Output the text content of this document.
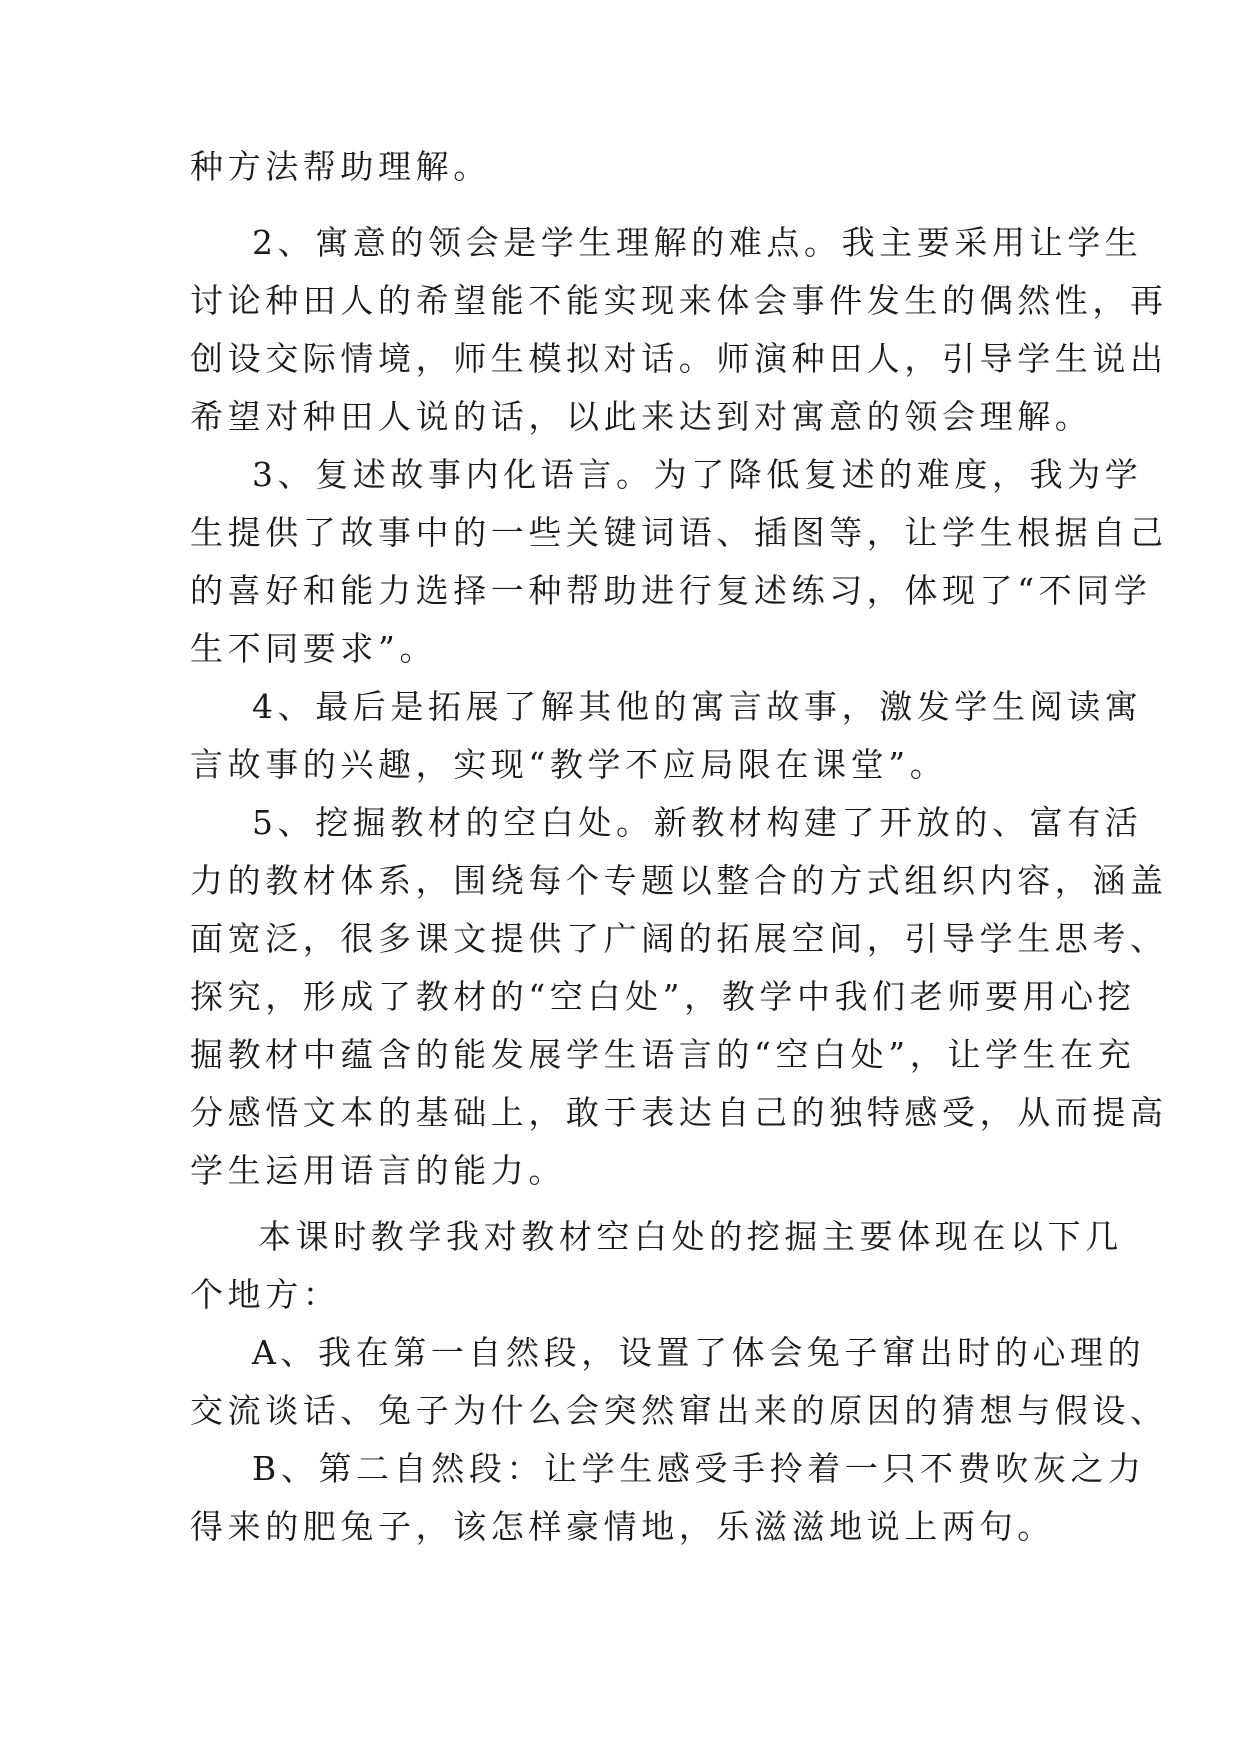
种方法帮助理解。
2、寓意的领会是学生理解的难点。我主要采用让学生
讨论种田人的希望能不能实现来体会事件发生的偶然性，再
创设交际情境，师生模拟对话。师演种田人，引导学生说出
希望对种田人说的话，以此来达到对寓意的领会理解。
3、复述故事内化语言。为了降低复述的难度，我为学
生提供了故事中的一些关键词语、插图等，让学生根据自己
的喜好和能力选择一种帮助进行复述练习，体现了“不同学
生不同要求”。
4、最后是拓展了解其他的寓言故事，激发学生阅读寓
言故事的兴趣，实现“教学不应局限在课堂”。
5、挖掘教材的空白处。新教材构建了开放的、富有活
力的教材体系，围绕每个专题以整合的方式组织内容，涵盖
面宽泛，很多课文提供了广阔的拓展空间，引导学生思考、
探究，形成了教材的“空白处”，教学中我们老师要用心挖
掘教材中蕴含的能发展学生语言的“空白处”，让学生在充
分感悟文本的基础上，敢于表达自己的独特感受，从而提高
学生运用语言的能力。
本课时教学我对教材空白处的挖掘主要体现在以下几
个地方：
A、我在第一自然段，设置了体会兔子窜出时的心理的
交流谈话、兔子为什么会突然窜出来的原因的猜想与假设、
B、第二自然段：让学生感受手拎着一只不费吹灰之力
得来的肥兔子，该怎样豪情地，乐滋滋地说上两句。
